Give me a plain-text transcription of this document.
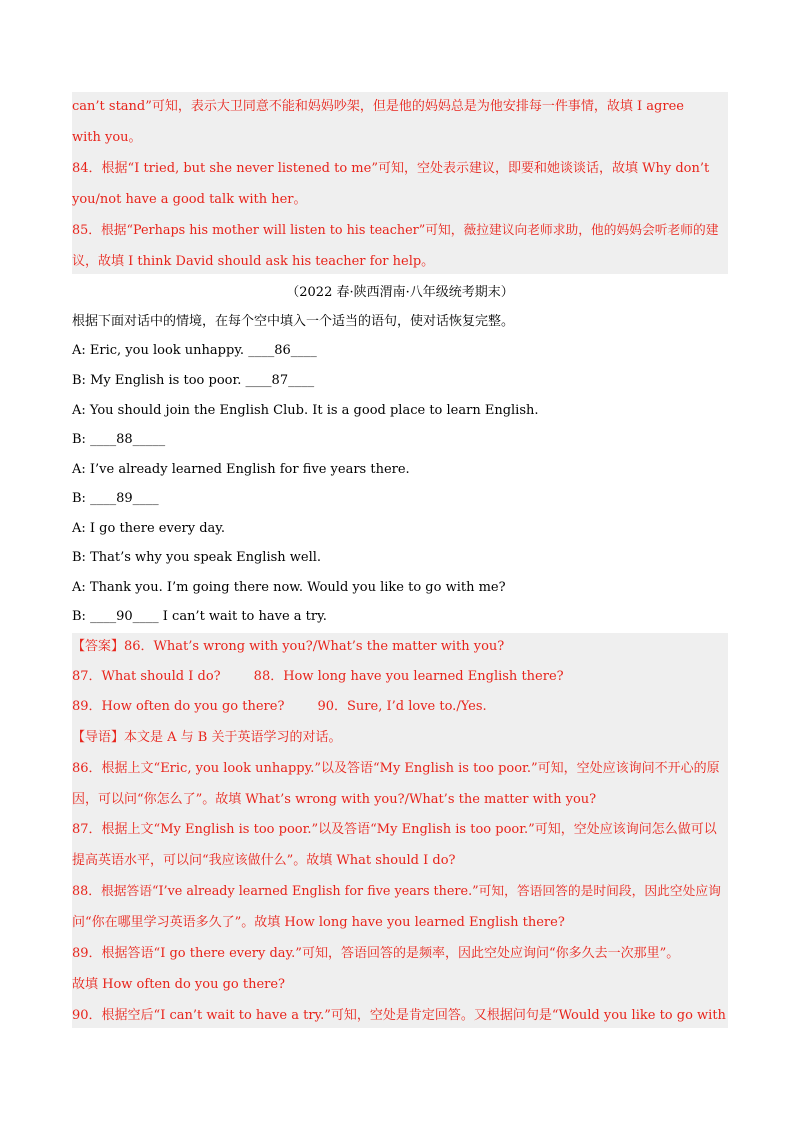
can’t stand”可知，表示大卫同意不能和妈妈吵架，但是他的妈妈总是为他安排每一件事情，故填 I agree
with you。
84．根据“I tried, but she never listened to me”可知，空处表示建议，即要和她谈谈话，故填 Why don’t
you/not have a good talk with her。
85．根据“Perhaps his mother will listen to his teacher”可知，薇拉建议向老师求助，他的妈妈会听老师的建
议，故填 I think David should ask his teacher for help。
（2022 春·陕西渭南·八年级统考期末）
根据下面对话中的情境，在每个空中填入一个适当的语句，使对话恢复完整。
A: Eric, you look unhappy. ____86____
B: My English is too poor. ____87____
A: You should join the English Club. It is a good place to learn English.
B: ____88_____
A: I’ve already learned English for five years there.
B: ____89____
A: I go there every day.
B: That’s why you speak English well.
A: Thank you. I’m going there now. Would you like to go with me?
B: ____90____ I can’t wait to have a try.
【答案】86．What’s wrong with you?/What’s the matter with you?
87．What should I do?        88．How long have you learned English there?
89．How often do you go there?        90．Sure, I’d love to./Yes.
【导语】本文是 A 与 B 关于英语学习的对话。
86．根据上文“Eric, you look unhappy.”以及答语“My English is too poor.”可知，空处应该询问不开心的原
因，可以问“你怎么了”。故填 What’s wrong with you?/What’s the matter with you?
87．根据上文“My English is too poor.”以及答语“My English is too poor.”可知，空处应该询问怎么做可以
提高英语水平，可以问“我应该做什么”。故填 What should I do?
88．根据答语“I’ve already learned English for five years there.”可知，答语回答的是时间段，因此空处应询
问“你在哪里学习英语多久了”。故填 How long have you learned English there?
89．根据答语“I go there every day.”可知，答语回答的是频率，因此空处应询问“你多久去一次那里”。
故填 How often do you go there?
90．根据空后“I can’t wait to have a try.”可知，空处是肯定回答。又根据问句是“Would you like to go with
